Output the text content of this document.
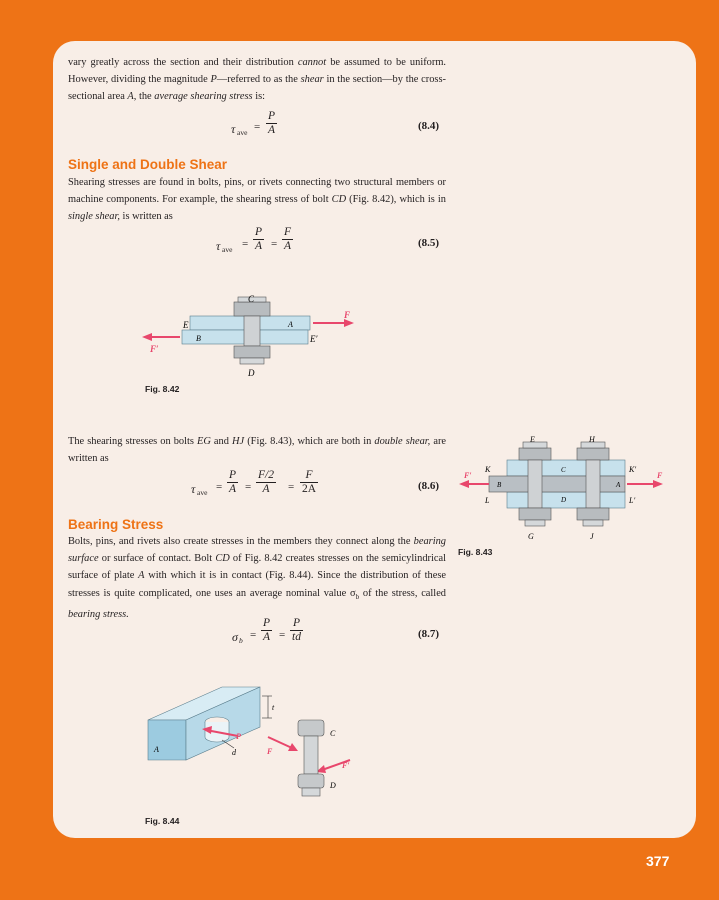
vary greatly across the section and their distribution cannot be assumed to be uniform. However, dividing the magnitude P—referred to as the shear in the section—by the cross-sectional area A, the average shearing stress is:

τ ave = $\frac{P}{A}$	(8.4)
Single and Double Shear

Shearing stresses are found in bolts, pins, or rivets connecting two structural members or machine components. For example, the shearing stress of bolt CD (Fig. 8.42), which is in single shear, is written as

τ ave = $\frac{P}{A} = \frac{F}{A}$	(8.5)
C
D
E
E′
A
B
F
F′
Fig. 8.42

The shearing stresses on bolts EG and HJ (Fig. 8.43), which are both in double shear, are written as

τ ave = $\frac{P}{A} = \frac{F/2}{A} = \frac{F}{2A}$	(8.6)
E	H
G	J
K	K′
L	L′
B
C
D
A
F′	F
Fig. 8.43
Bearing Stress

Bolts, pins, and rivets also create stresses in the members they connect along the bearing surface or surface of contact. Bolt CD of Fig. 8.42 creates stresses on the semicylindrical surface of plate A with which it is in contact (Fig. 8.44). Since the distribution of these stresses is quite complicated, one uses an average nominal value $\sigma_b$ of the stress, called bearing stress.

σ $b = \frac{P}{A} = \frac{P}{td}$	(8.7)
A
t
d
P
F
F′
C
D
Fig. 8.44
377
